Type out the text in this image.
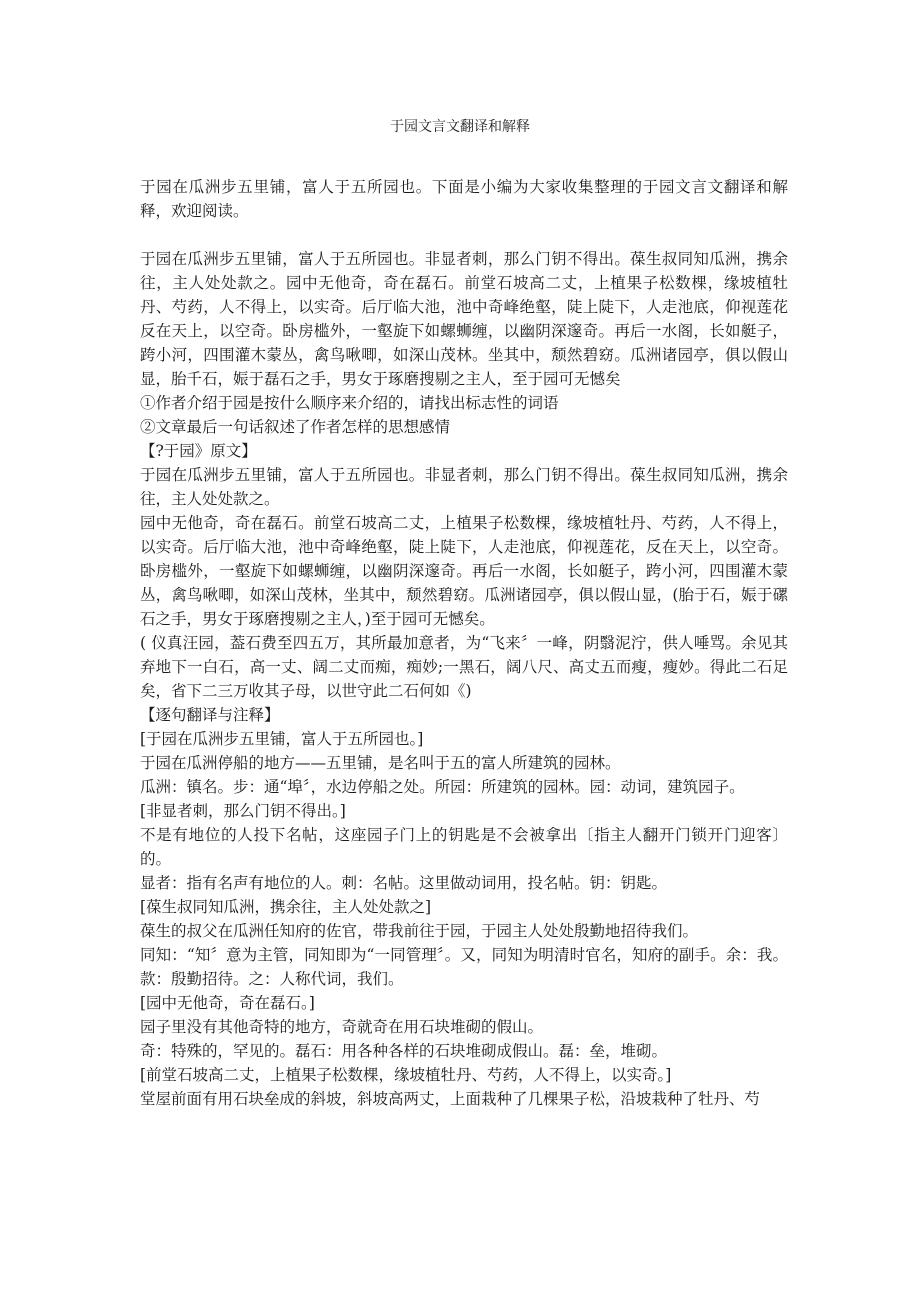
于园文言文翻译和解释

于园在瓜洲步五里铺，富人于五所园也。下面是小编为大家收集整理的于园文言文翻译和解释，欢迎阅读。

于园在瓜洲步五里铺，富人于五所园也。非显者刺，那么门钥不得出。葆生叔同知瓜洲，携余往，主人处处款之。园中无他奇，奇在磊石。前堂石坡高二丈，上植果子松数棵，缘坡植牡丹、芍药，人不得上，以实奇。后厅临大池，池中奇峰绝壑，陡上陡下，人走池底，仰视莲花反在天上，以空奇。卧房槛外，一壑旋下如螺蛳缠，以幽阴深邃奇。再后一水阁，长如艇子，跨小河，四围灌木蒙丛，禽鸟啾唧，如深山茂林。坐其中，颓然碧窈。瓜洲诸园亭，俱以假山显，胎千石，娠于磊石之手，男女于琢磨搜剔之主人，至于园可无憾矣

①作者介绍于园是按什么顺序来介绍的，请找出标志性的词语

②文章最后一句话叙述了作者怎样的思想感情

【?于园》原文】

于园在瓜洲步五里铺，富人于五所园也。非显者刺，那么门钥不得出。葆生叔同知瓜洲，携余往，主人处处款之。

园中无他奇，奇在磊石。前堂石坡高二丈，上植果子松数棵，缘坡植牡丹、芍药，人不得上，以实奇。后厅临大池，池中奇峰绝壑，陡上陡下，人走池底，仰视莲花，反在天上，以空奇。卧房槛外，一壑旋下如螺蛳缠，以幽阴深邃奇。再后一水阁，长如艇子，跨小河，四围灌木蒙丛，禽鸟啾唧，如深山茂林，坐其中，颓然碧窈。瓜洲诸园亭，俱以假山显，(胎于石，娠于磥石之手，男女于琢磨搜剔之主人，)至于园可无憾矣。

( 仪真汪园，葢石费至四五万，其所最加意者，为“飞来〞一峰，阴翳泥泞，供人唾骂。余见其弃地下一白石，高一丈、阔二丈而痴，痴妙;一黑石，阔八尺、高丈五而瘦，瘦妙。得此二石足矣，省下二三万收其子母，以世守此二石何如《)

【逐句翻译与注释】

[于园在瓜洲步五里铺，富人于五所园也。]

于园在瓜洲停船的地方——五里铺，是名叫于五的富人所建筑的园林。

瓜洲：镇名。步：通“埠〞，水边停船之处。所园：所建筑的园林。园：动词，建筑园子。

[非显者刺，那么门钥不得出。]

不是有地位的人投下名帖，这座园子门上的钥匙是不会被拿出〔指主人翻开门锁开门迎客〕的。

显者：指有名声有地位的人。刺：名帖。这里做动词用，投名帖。钥：钥匙。

[葆生叔同知瓜洲，携余往，主人处处款之]

葆生的叔父在瓜洲任知府的佐官，带我前往于园，于园主人处处殷勤地招待我们。

同知：“知〞意为主管，同知即为“一同管理〞。又，同知为明清时官名，知府的副手。余：我。款：殷勤招待。之：人称代词，我们。

[园中无他奇，奇在磊石。]

园子里没有其他奇特的地方，奇就奇在用石块堆砌的假山。

奇：特殊的，罕见的。磊石：用各种各样的石块堆砌成假山。磊：垒，堆砌。

[前堂石坡高二丈，上植果子松数棵，缘坡植牡丹、芍药，人不得上，以实奇。]

堂屋前面有用石块垒成的斜坡，斜坡高两丈，上面栽种了几棵果子松，沿坡栽种了牡丹、芍
